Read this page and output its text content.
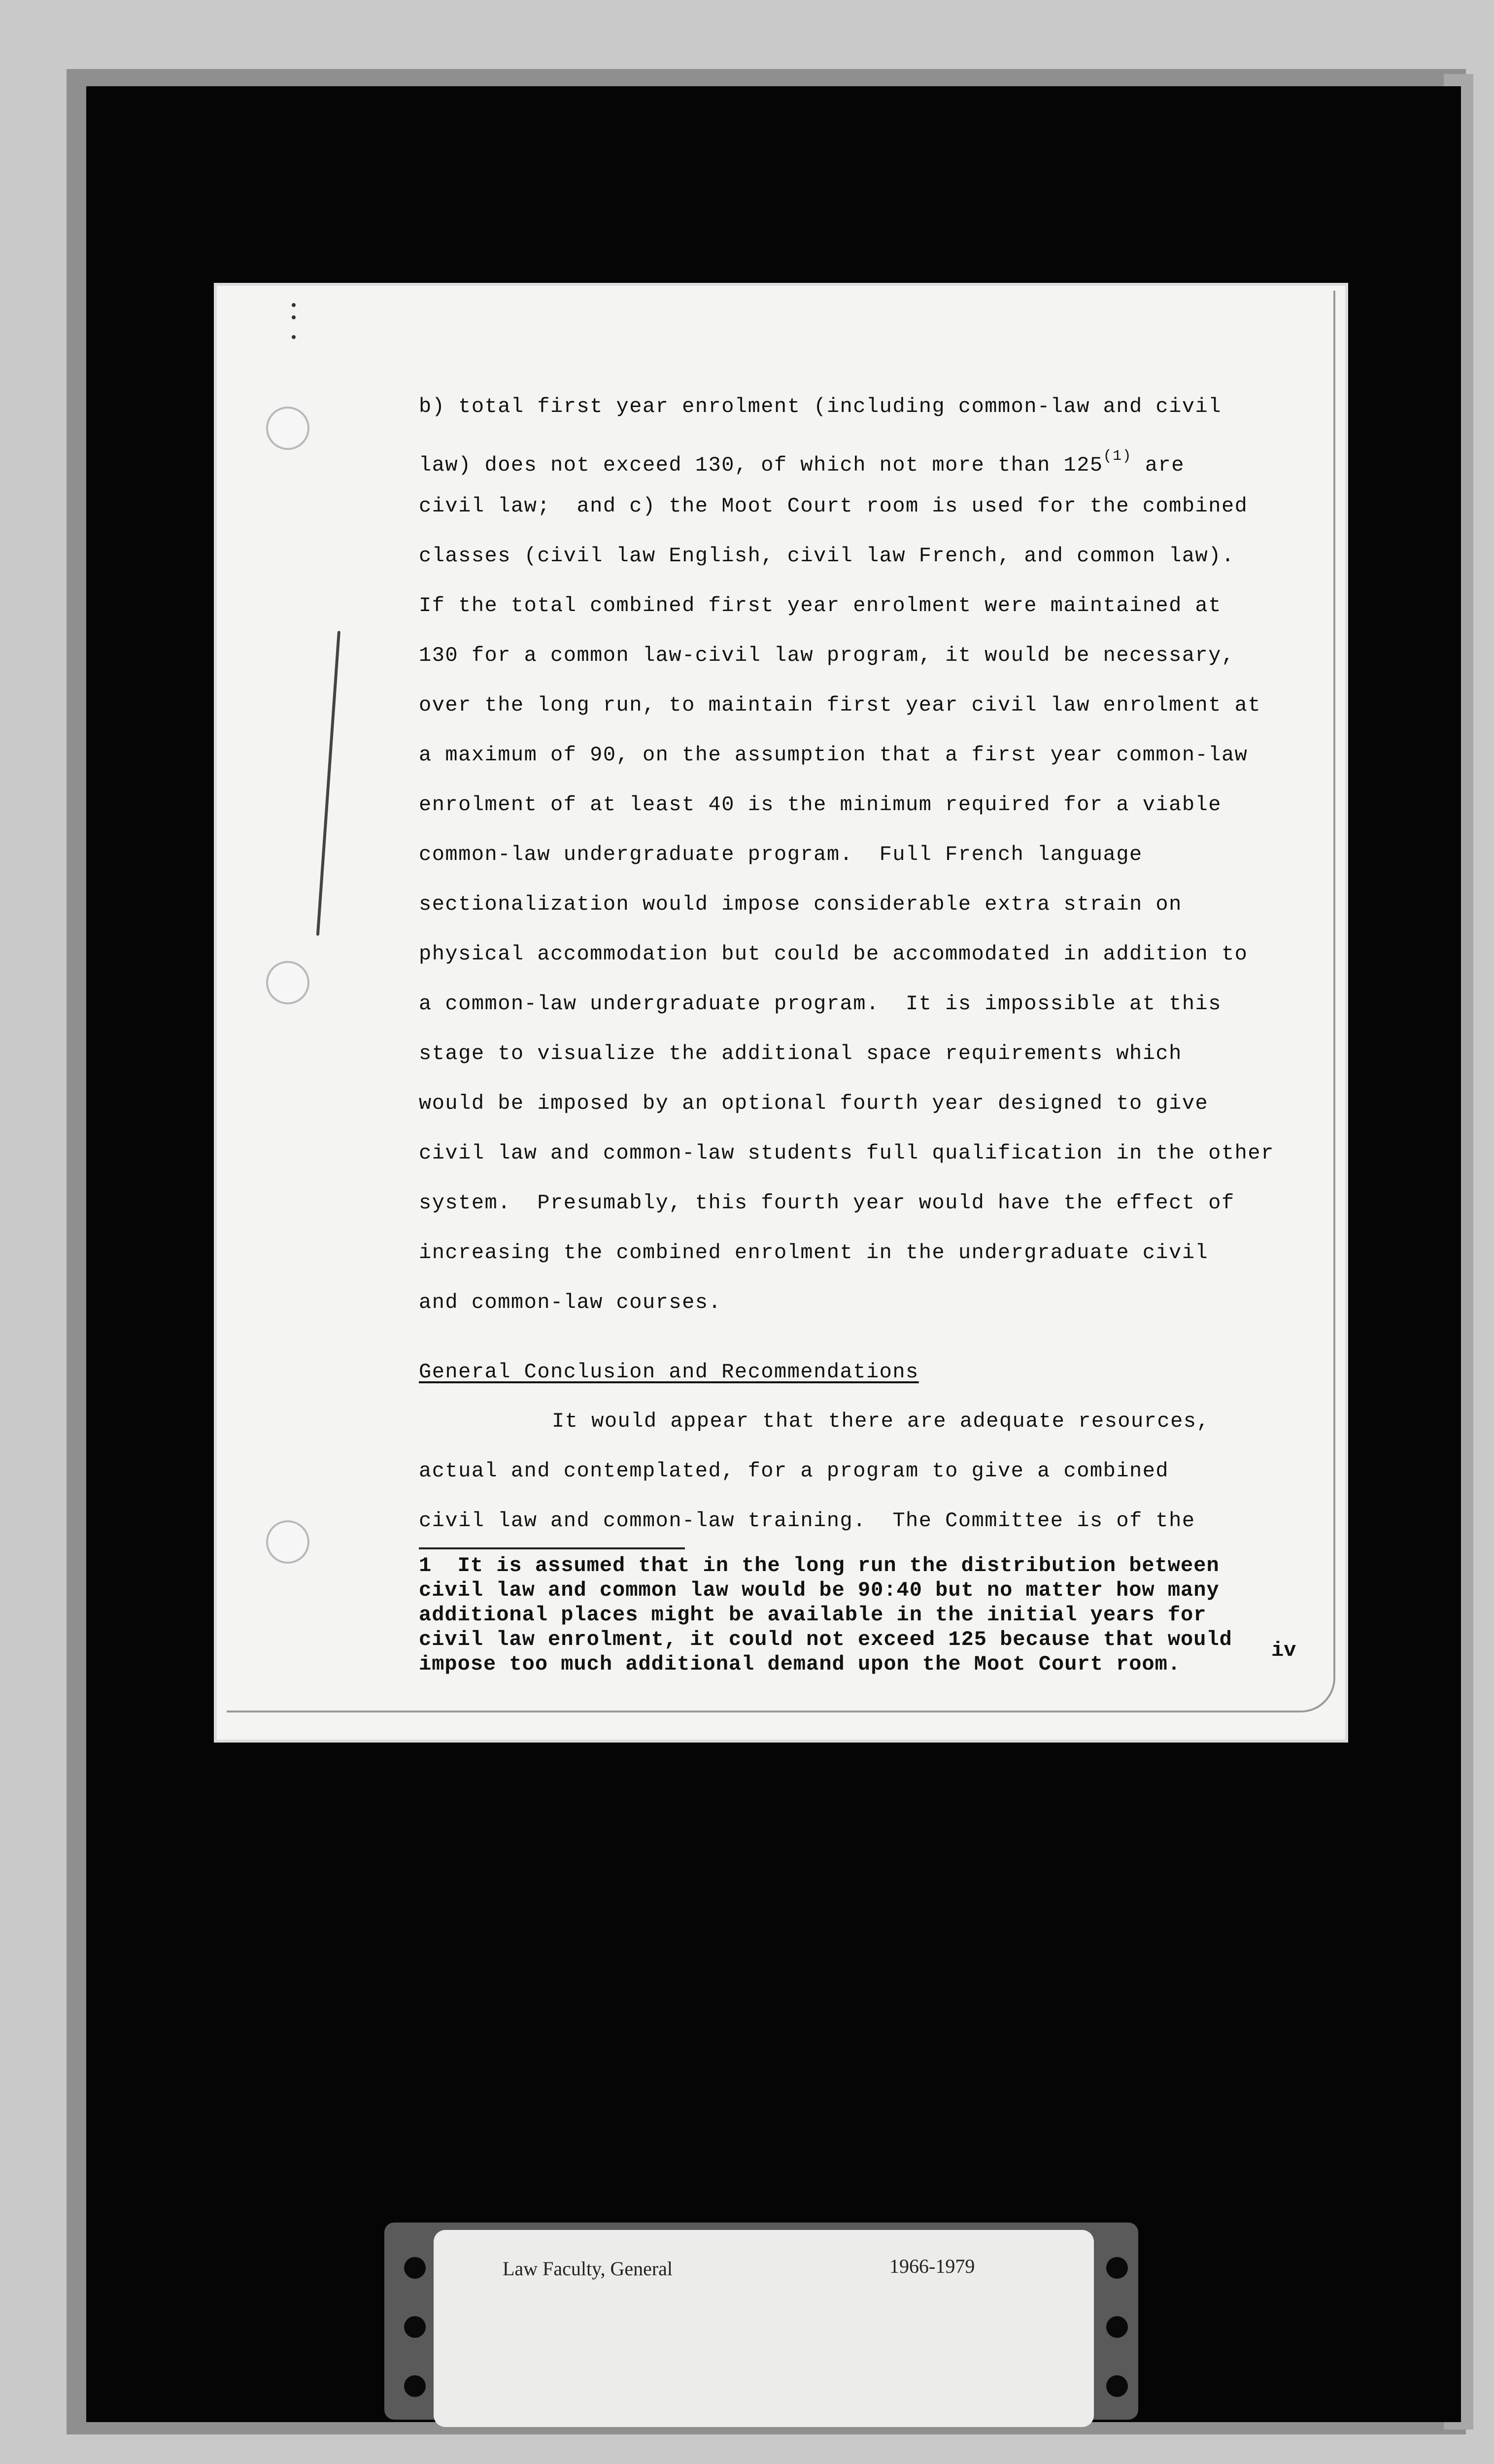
b) total first year enrolment (including common-law and civil
law) does not exceed 130, of which not more than 125$^{(1)}$ are
civil law;  and c) the Moot Court room is used for the combined
classes (civil law English, civil law French, and common law).
If the total combined first year enrolment were maintained at
130 for a common law-civil law program, it would be necessary,
over the long run, to maintain first year civil law enrolment at
a maximum of 90, on the assumption that a first year common-law
enrolment of at least 40 is the minimum required for a viable
common-law undergraduate program.  Full French language
sectionalization would impose considerable extra strain on
physical accommodation but could be accommodated in addition to
a common-law undergraduate program.  It is impossible at this
stage to visualize the additional space requirements which
would be imposed by an optional fourth year designed to give
civil law and common-law students full qualification in the other
system.  Presumably, this fourth year would have the effect of
increasing the combined enrolment in the undergraduate civil
and common-law courses.
General Conclusion and Recommendations
It would appear that there are adequate resources,
actual and contemplated, for a program to give a combined
civil law and common-law training.  The Committee is of the
1  It is assumed that in the long run the distribution between
civil law and common law would be 90:40 but no matter how many
additional places might be available in the initial years for
civil law enrolment, it could not exceed 125 because that would
impose too much additional demand upon the Moot Court room.
iv
Law Faculty, General	1966-1979
